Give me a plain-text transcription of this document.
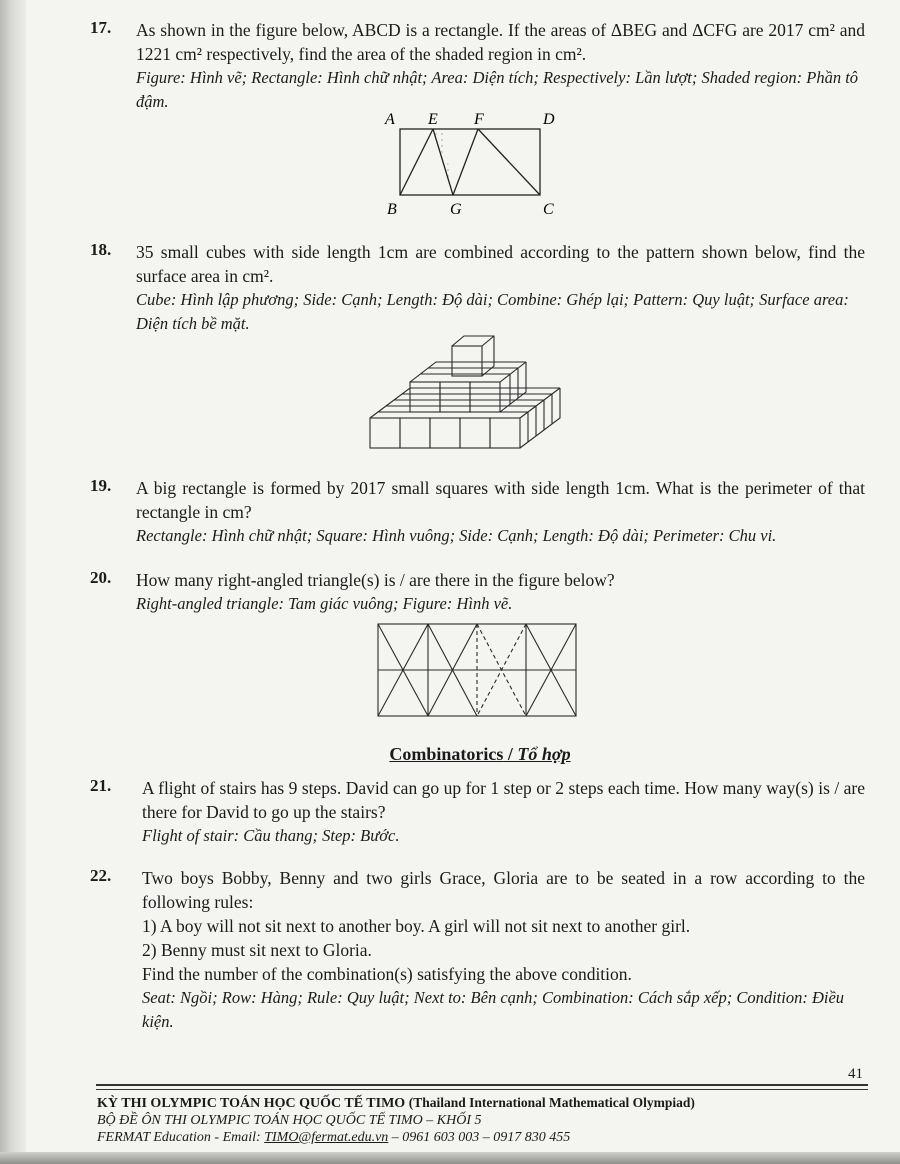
17. As shown in the figure below, ABCD is a rectangle. If the areas of ΔBEG and ΔCFG are 2017 cm² and 1221 cm² respectively, find the area of the shaded region in cm².

Figure: Hình vẽ; Rectangle: Hình chữ nhật; Area: Diện tích; Respectively: Lần lượt; Shaded region: Phần tô đậm.

A E F	D
B	G	C
18. 35 small cubes with side length 1cm are combined according to the pattern shown below, find the surface area in cm².

Cube: Hình lập phương; Side: Cạnh; Length: Độ dài; Combine: Ghép lại; Pattern: Quy luật; Surface area: Diện tích bề mặt.

19. A big rectangle is formed by 2017 small squares with side length 1cm. What is the perimeter of that rectangle in cm?

Rectangle: Hình chữ nhật; Square: Hình vuông; Side: Cạnh; Length: Độ dài; Perimeter: Chu vi.

20. How many right-angled triangle(s) is / are there in the figure below?

Right-angled triangle: Tam giác vuông; Figure: Hình vẽ.

Combinatorics / Tổ hợp
21. A flight of stairs has 9 steps. David can go up for 1 step or 2 steps each time. How many way(s) is / are there for David to go up the stairs?

Flight of stair: Cầu thang; Step: Bước.

22. Two boys Bobby, Benny and two girls Grace, Gloria are to be seated in a row according to the following rules:

1) A boy will not sit next to another boy. A girl will not sit next to another girl.

2) Benny must sit next to Gloria.

Find the number of the combination(s) satisfying the above condition.

Seat: Ngồi; Row: Hàng; Rule: Quy luật; Next to: Bên cạnh; Combination: Cách sắp xếp; Condition: Điều kiện.

41
KỲ THI OLYMPIC TOÁN HỌC QUỐC TẾ TIMO (Thailand International Mathematical Olympiad)
BỘ ĐỀ ÔN THI OLYMPIC TOÁN HỌC QUỐC TẾ TIMO – KHỐI 5
FERMAT Education - Email: TIMO@fermat.edu.vn – 0961 603 003 – 0917 830 455
